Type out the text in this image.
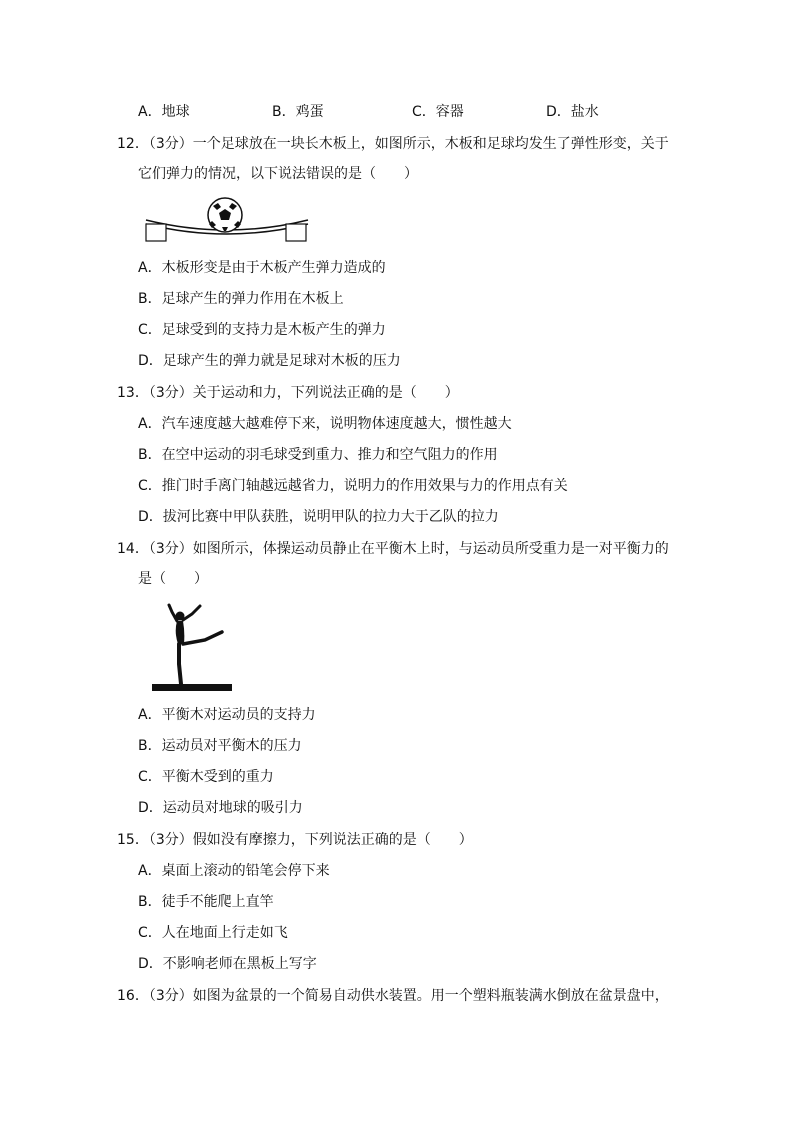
A．地球	B．鸡蛋	C．容器	D．盐水
12．（3分）一个足球放在一块长木板上，如图所示，木板和足球均发生了弹性形变，关于
它们弹力的情况，以下说法错误的是（　　）
A．木板形变是由于木板产生弹力造成的
B．足球产生的弹力作用在木板上
C．足球受到的支持力是木板产生的弹力
D．足球产生的弹力就是足球对木板的压力
13．（3分）关于运动和力，下列说法正确的是（　　）
A．汽车速度越大越难停下来，说明物体速度越大，惯性越大
B．在空中运动的羽毛球受到重力、推力和空气阻力的作用
C．推门时手离门轴越远越省力，说明力的作用效果与力的作用点有关
D．拔河比赛中甲队获胜，说明甲队的拉力大于乙队的拉力
14．（3分）如图所示，体操运动员静止在平衡木上时，与运动员所受重力是一对平衡力的
是（　　）
A．平衡木对运动员的支持力
B．运动员对平衡木的压力
C．平衡木受到的重力
D．运动员对地球的吸引力
15．（3分）假如没有摩擦力，下列说法正确的是（　　）
A．桌面上滚动的铅笔会停下来
B．徒手不能爬上直竿
C．人在地面上行走如飞
D．不影响老师在黑板上写字
16．（3分）如图为盆景的一个简易自动供水装置。用一个塑料瓶装满水倒放在盆景盘中，
